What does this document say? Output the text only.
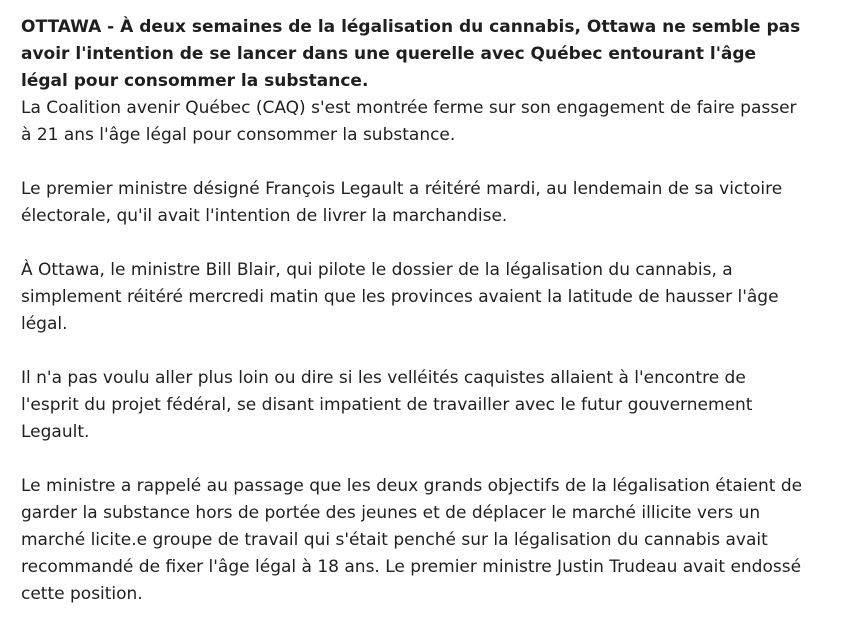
OTTAWA - À deux semaines de la légalisation du cannabis, Ottawa ne semble pas avoir l'intention de se lancer dans une querelle avec Québec entourant l'âge légal pour consommer la substance.

La Coalition avenir Québec (CAQ) s'est montrée ferme sur son engagement de faire passer à 21 ans l'âge légal pour consommer la substance.

Le premier ministre désigné François Legault a réitéré mardi, au lendemain de sa victoire électorale, qu'il avait l'intention de livrer la marchandise.

À Ottawa, le ministre Bill Blair, qui pilote le dossier de la légalisation du cannabis, a simplement réitéré mercredi matin que les provinces avaient la latitude de hausser l'âge légal.

Il n'a pas voulu aller plus loin ou dire si les velléités caquistes allaient à l'encontre de l'esprit du projet fédéral, se disant impatient de travailler avec le futur gouvernement Legault.

Le ministre a rappelé au passage que les deux grands objectifs de la légalisation étaient de garder la substance hors de portée des jeunes et de déplacer le marché illicite vers un marché licite.e groupe de travail qui s'était penché sur la légalisation du cannabis avait recommandé de fixer l'âge légal à 18 ans. Le premier ministre Justin Trudeau avait endossé cette position.
